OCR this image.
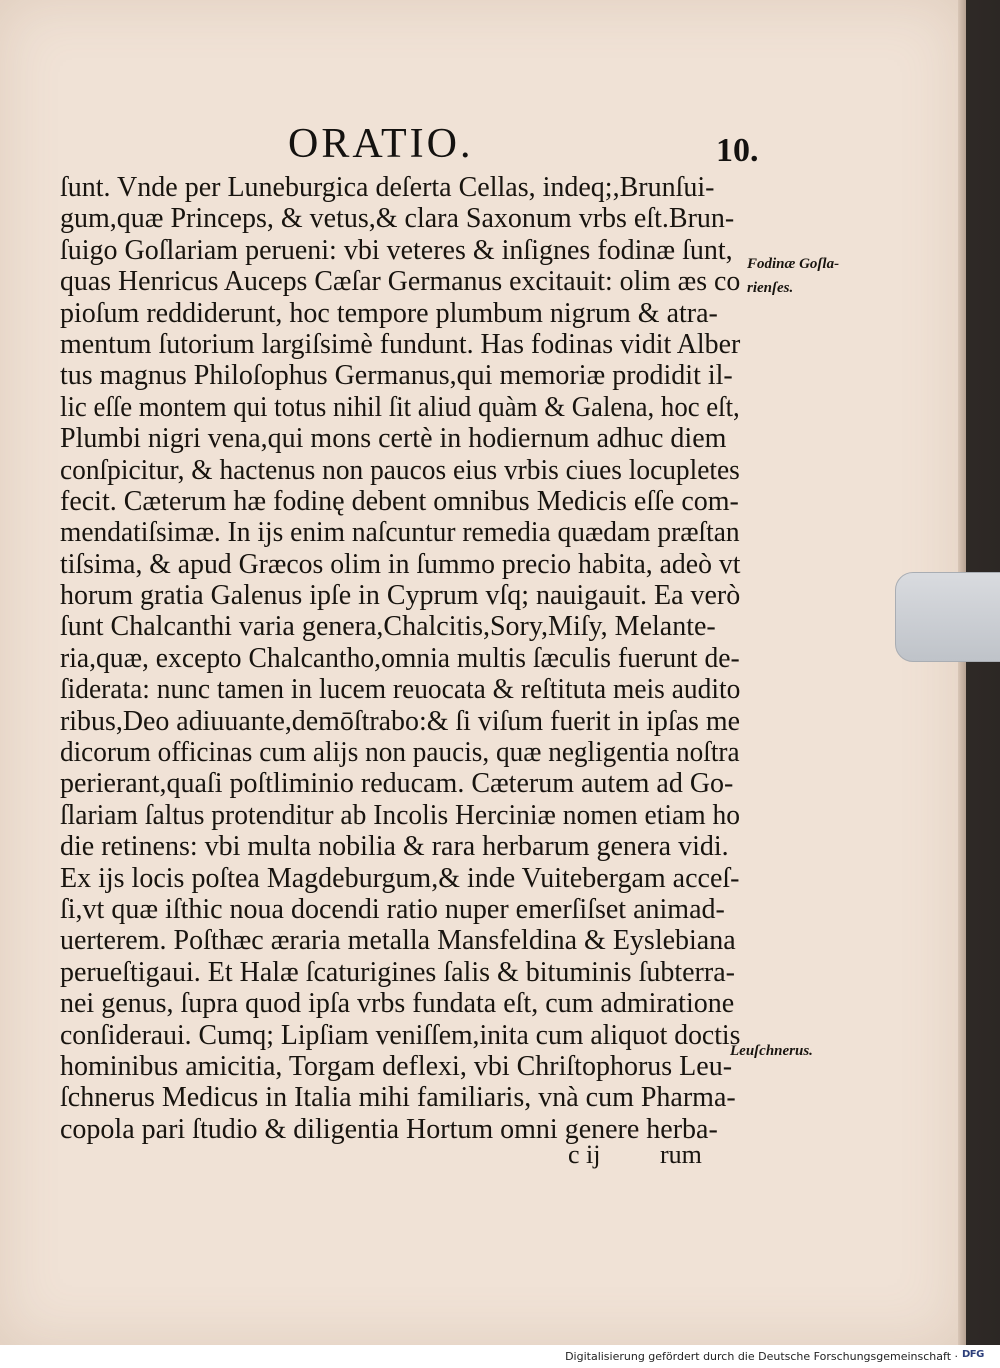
ORATIO.	10.
ſunt. Vnde per Luneburgica deſerta Cellas, indeq;,Brunſui-
gum,quæ Princeps, & vetus,& clara Saxonum vrbs eſt.Brun-
ſuigo Goſlariam perueni: vbi veteres & inſignes fodinæ ſunt,
quas Henricus Auceps Cæſar Germanus excitauit: olim æs co
pioſum reddiderunt, hoc tempore plumbum nigrum & atra-
mentum ſutorium largiſsimè fundunt. Has fodinas vidit Alber
tus magnus Philoſophus Germanus,qui memoriæ prodidit il-
lic eſſe montem qui totus nihil ſit aliud quàm & Galena, hoc eſt,
Plumbi nigri vena,qui mons certè in hodiernum adhuc diem
conſpicitur, & hactenus non paucos eius vrbis ciues locupletes
fecit. Cæterum hæ fodinę debent omnibus Medicis eſſe com-
mendatiſsimæ. In ijs enim naſcuntur remedia quædam præſtan
tiſsima, & apud Græcos olim in ſummo precio habita, adeò vt
horum gratia Galenus ipſe in Cyprum vſq; nauigauit. Ea verò
ſunt Chalcanthi varia genera,Chalcitis,Sory,Miſy, Melante-
ria,quæ, excepto Chalcantho,omnia multis ſæculis fuerunt de-
ſiderata: nunc tamen in lucem reuocata & reſtituta meis audito
ribus,Deo adiuuante,demōſtrabo:& ſi viſum fuerit in ipſas me
dicorum officinas cum alijs non paucis, quæ negligentia noſtra
perierant,quaſi poſtliminio reducam. Cæterum autem ad Go-
ſlariam ſaltus protenditur ab Incolis Herciniæ nomen etiam ho
die retinens: vbi multa nobilia & rara herbarum genera vidi.
Ex ijs locis poſtea Magdeburgum,& inde Vuitebergam acceſ-
ſi,vt quæ iſthic noua docendi ratio nuper emerſiſset animad-
uerterem. Poſthæc æraria metalla Mansfeldina & Eyslebiana
perueſtigaui. Et Halæ ſcaturigines ſalis & bituminis ſubterra-
nei genus, ſupra quod ipſa vrbs fundata eſt, cum admiratione
conſideraui. Cumq; Lipſiam veniſſem,inita cum aliquot doctis
hominibus amicitia, Torgam deflexi, vbi Chriſtophorus Leu-
ſchnerus Medicus in Italia mihi familiaris, vnà cum Pharma-
copola pari ſtudio & diligentia Hortum omni genere herba-
Fodinæ Goſla-
rienſes.
Leuſchnerus.
c ij rum
Digitalisierung gefördert durch die Deutsche Forschungsgemeinschaft · DFG
